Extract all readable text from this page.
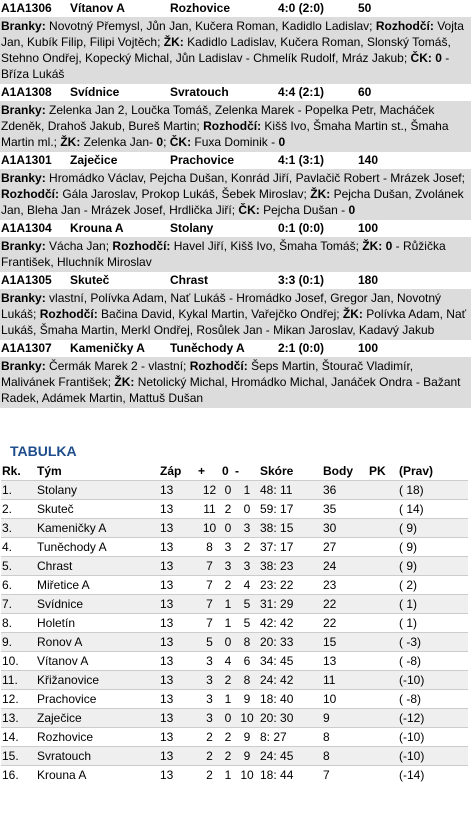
A1A1306	Vítanov A	Rozhovice	4:0 (2:0)	50
Branky: Novotný Přemysl, Jůn Jan, Kučera Roman, Kadidlo Ladislav; Rozhodčí: Vojta Jan, Kubík Filip, Filipi Vojtěch; ŽK: Kadidlo Ladislav, Kučera Roman, Slonský Tomáš, Stehno Ondřej, Kopecký Michal, Jůn Ladislav - Chmelík Rudolf, Mráz Jakub; ČK: 0 - Bříza Lukáš
A1A1308	Svídnice	Svratouch	4:4 (2:1)	60
Branky: Zelenka Jan 2, Loučka Tomáš, Zelenka Marek - Popelka Petr, Macháček Zdeněk, Drahoš Jakub, Bureš Martin; Rozhodčí: Kišš Ivo, Šmaha Martin st., Šmaha Martin ml.; ŽK: Zelenka Jan- 0; ČK: Fuxa Dominik - 0
A1A1301	Zaječice	Prachovice	4:1 (3:1)	140
Branky: Hromádko Václav, Pejcha Dušan, Konrád Jiří, Pavlačič Robert - Mrázek Josef; Rozhodčí: Gála Jaroslav, Prokop Lukáš, Šebek Miroslav; ŽK: Pejcha Dušan, Zvolánek Jan, Bleha Jan - Mrázek Josef, Hrdlička Jiří; ČK: Pejcha Dušan - 0
A1A1304	Krouna A	Stolany	0:1 (0:0)	100
Branky: Vácha Jan; Rozhodčí: Havel Jiří, Kišš Ivo, Šmaha Tomáš; ŽK: 0 - Růžička František, Hluchník Miroslav
A1A1305	Skuteč	Chrast	3:3 (0:1)	180
Branky: vlastní, Polívka Adam, Nať Lukáš - Hromádko Josef, Gregor Jan, Novotný Lukáš; Rozhodčí: Bačina David, Kykal Martin, Vařejčko Ondřej; ŽK: Polívka Adam, Nať Lukáš, Šmaha Martin, Merkl Ondřej, Rosůlek Jan - Mikan Jaroslav, Kadavý Jakub
A1A1307	Kameničky A	Tuněchody A	2:1 (0:0)	100
Branky: Čermák Marek 2 - vlastní; Rozhodčí: Šeps Martin, Štourač Vladimír, Malivánek František; ŽK: Netolický Michal, Hromádko Michal, Janáček Ondra - Bažant Radek, Adámek Martin, Mattuš Dušan
TABULKA
Rk.	Tým	Záp	+	0	-	Skóre	Body	PK	(Prav)
1.	Stolany	13	12	0	1	48: 11	36		( 18)
2.	Skuteč	13	11	2	0	59: 17	35		( 14)
3.	Kameničky A	13	10	0	3	38: 15	30		( 9)
4.	Tuněchody A	13	8	3	2	37: 17	27		( 9)
5.	Chrast	13	7	3	3	38: 23	24		( 9)
6.	Miřetice A	13	7	2	4	23: 22	23		( 2)
7.	Svídnice	13	7	1	5	31: 29	22		( 1)
8.	Holetín	13	7	1	5	42: 42	22		( 1)
9.	Ronov A	13	5	0	8	20: 33	15		( -3)
10.	Vítanov A	13	3	4	6	34: 45	13		( -8)
11.	Křižanovice	13	3	2	8	24: 42	11		(-10)
12.	Prachovice	13	3	1	9	18: 40	10		( -8)
13.	Zaječice	13	3	0	10	20: 30	9		(-12)
14.	Rozhovice	13	2	2	9	8: 27	8		(-10)
15.	Svratouch	13	2	2	9	24: 45	8		(-10)
16.	Krouna A	13	2	1	10	18: 44	7		(-14)
